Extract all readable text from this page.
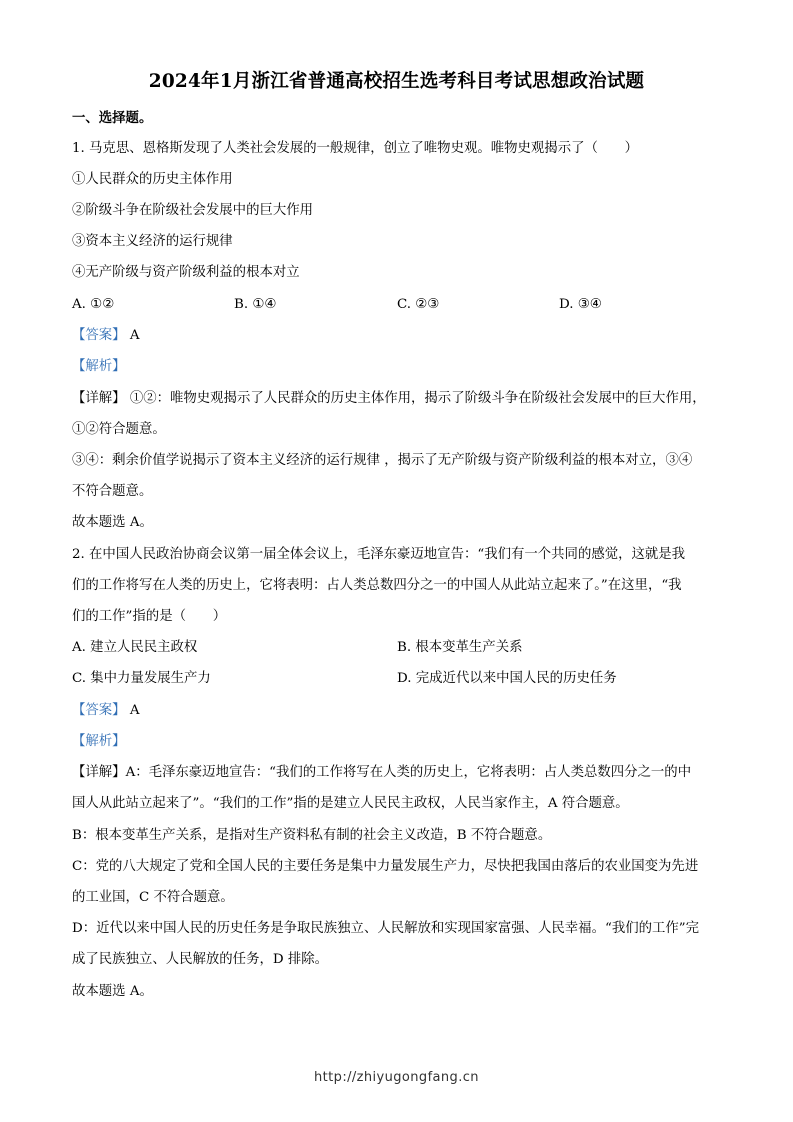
2024年1月浙江省普通高校招生选考科目考试思想政治试题
一、选择题。
1. 马克思、恩格斯发现了人类社会发展的一般规律，创立了唯物史观。唯物史观揭示了（　　）
①人民群众的历史主体作用
②阶级斗争在阶级社会发展中的巨大作用
③资本主义经济的运行规律
④无产阶级与资产阶级利益的根本对立
A. ①②	B. ①④	C. ②③	D. ③④
【答案】 A
【解析】
【详解】 ①②：唯物史观揭示了人民群众的历史主体作用，揭示了阶级斗争在阶级社会发展中的巨大作用，
①②符合题意。
③④：剩余价值学说揭示了资本主义经济的运行规律 ，揭示了无产阶级与资产阶级利益的根本对立，③④
不符合题意。
故本题选 A。
2. 在中国人民政治协商会议第一届全体会议上，毛泽东豪迈地宣告：“我们有一个共同的感觉，这就是我
们的工作将写在人类的历史上，它将表明：占人类总数四分之一的中国人从此站立起来了。”在这里，“我
们的工作”指的是（　　）
A. 建立人民民主政权	B. 根本变革生产关系
C. 集中力量发展生产力	D. 完成近代以来中国人民的历史任务
【答案】 A
【解析】
【详解】A：毛泽东豪迈地宣告：“我们的工作将写在人类的历史上，它将表明：占人类总数四分之一的中
国人从此站立起来了”。“我们的工作”指的是建立人民民主政权，人民当家作主，A 符合题意。
B：根本变革生产关系，是指对生产资料私有制的社会主义改造，B 不符合题意。
C：党的八大规定了党和全国人民的主要任务是集中力量发展生产力，尽快把我国由落后的农业国变为先进
的工业国，C 不符合题意。
D：近代以来中国人民的历史任务是争取民族独立、人民解放和实现国家富强、人民幸福。“我们的工作”完
成了民族独立、人民解放的任务，D 排除。
故本题选 A。
http://zhiyugongfang.cn
